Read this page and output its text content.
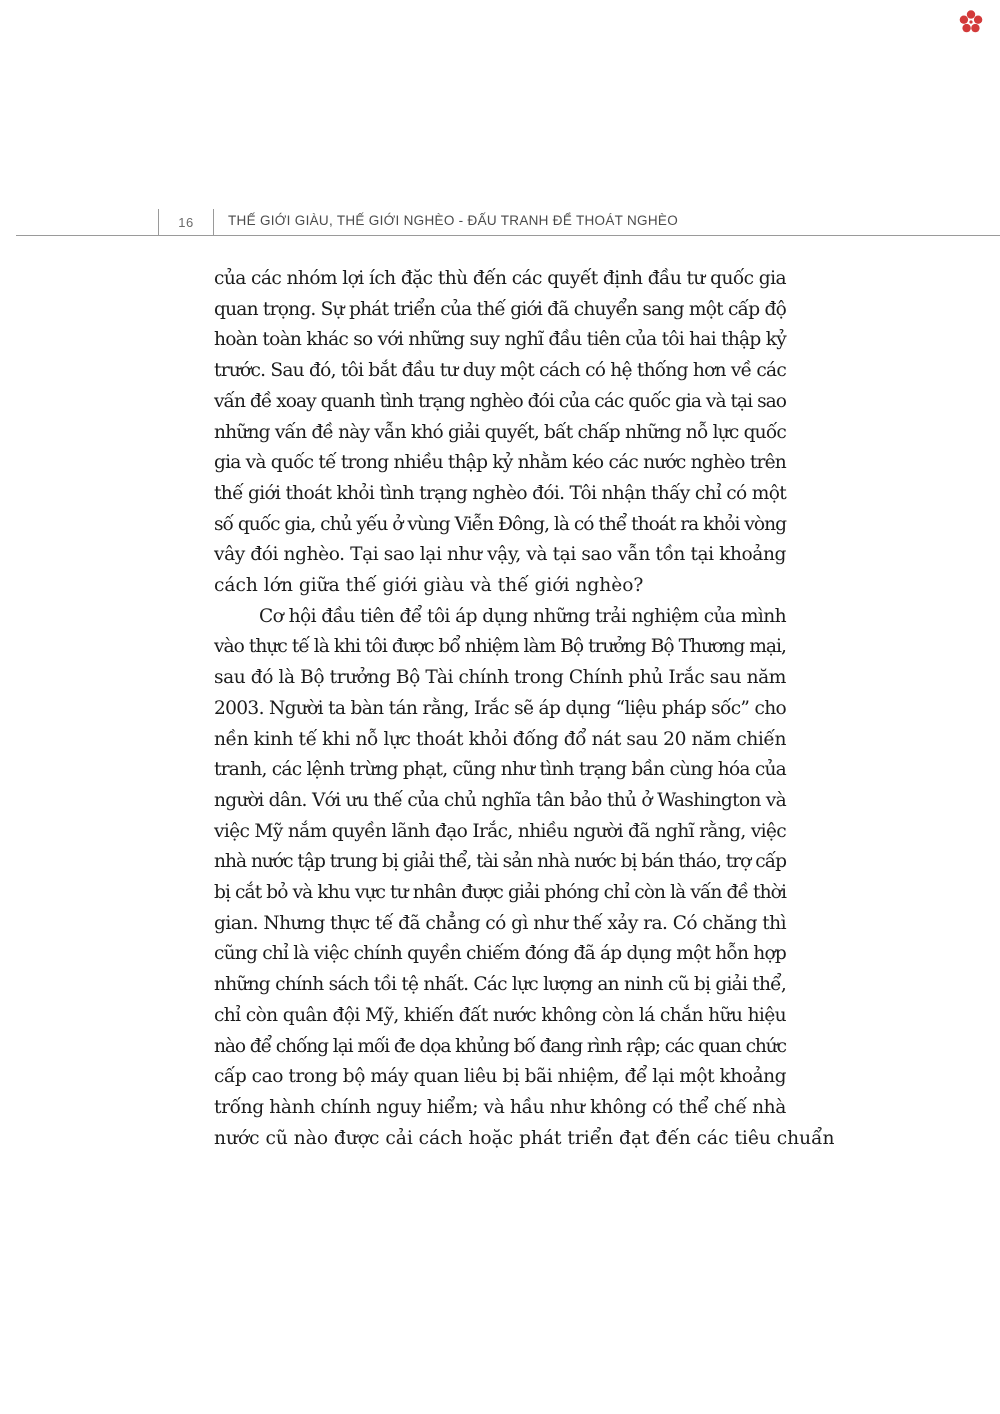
16	THẾ GIỚI GIÀU, THẾ GIỚI NGHÈO - ĐẤU TRANH ĐỂ THOÁT NGHÈO
của các nhóm lợi ích đặc thù đến các quyết định đầu tư quốc gia
quan trọng. Sự phát triển của thế giới đã chuyển sang một cấp độ
hoàn toàn khác so với những suy nghĩ đầu tiên của tôi hai thập kỷ
trước. Sau đó, tôi bắt đầu tư duy một cách có hệ thống hơn về các
vấn đề xoay quanh tình trạng nghèo đói của các quốc gia và tại sao
những vấn đề này vẫn khó giải quyết, bất chấp những nỗ lực quốc
gia và quốc tế trong nhiều thập kỷ nhằm kéo các nước nghèo trên
thế giới thoát khỏi tình trạng nghèo đói. Tôi nhận thấy chỉ có một
số quốc gia, chủ yếu ở vùng Viễn Đông, là có thể thoát ra khỏi vòng
vây đói nghèo. Tại sao lại như vậy, và tại sao vẫn tồn tại khoảng
cách lớn giữa thế giới giàu và thế giới nghèo?
Cơ hội đầu tiên để tôi áp dụng những trải nghiệm của mình
vào thực tế là khi tôi được bổ nhiệm làm Bộ trưởng Bộ Thương mại,
sau đó là Bộ trưởng Bộ Tài chính trong Chính phủ Irắc sau năm
2003. Người ta bàn tán rằng, Irắc sẽ áp dụng “liệu pháp sốc” cho
nền kinh tế khi nỗ lực thoát khỏi đống đổ nát sau 20 năm chiến
tranh, các lệnh trừng phạt, cũng như tình trạng bần cùng hóa của
người dân. Với ưu thế của chủ nghĩa tân bảo thủ ở Washington và
việc Mỹ nắm quyền lãnh đạo Irắc, nhiều người đã nghĩ rằng, việc
nhà nước tập trung bị giải thể, tài sản nhà nước bị bán tháo, trợ cấp
bị cắt bỏ và khu vực tư nhân được giải phóng chỉ còn là vấn đề thời
gian. Nhưng thực tế đã chẳng có gì như thế xảy ra. Có chăng thì
cũng chỉ là việc chính quyền chiếm đóng đã áp dụng một hỗn hợp
những chính sách tồi tệ nhất. Các lực lượng an ninh cũ bị giải thể,
chỉ còn quân đội Mỹ, khiến đất nước không còn lá chắn hữu hiệu
nào để chống lại mối đe dọa khủng bố đang rình rập; các quan chức
cấp cao trong bộ máy quan liêu bị bãi nhiệm, để lại một khoảng
trống hành chính nguy hiểm; và hầu như không có thể chế nhà
nước cũ nào được cải cách hoặc phát triển đạt đến các tiêu chuẩn
